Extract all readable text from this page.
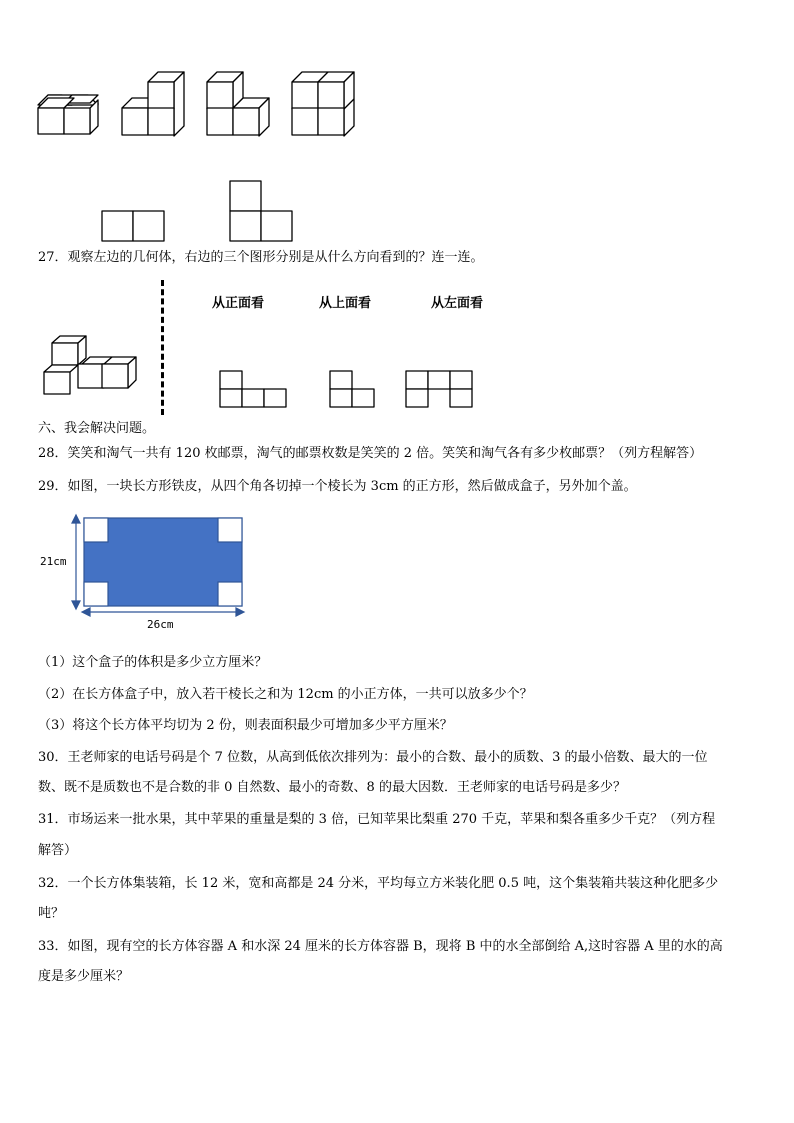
27．观察左边的几何体，右边的三个图形分别是从什么方向看到的？连一连。
从正面看	从上面看	从左面看
六、我会解决问题。
28．笑笑和淘气一共有 120 枚邮票，淘气的邮票枚数是笑笑的 2 倍。笑笑和淘气各有多少枚邮票？（列方程解答）
29．如图，一块长方形铁皮，从四个角各切掉一个棱长为 3cm 的正方形，然后做成盒子，另外加个盖。
21cm
26cm
（1）这个盒子的体积是多少立方厘米？
（2）在长方体盒子中，放入若干棱长之和为 12cm 的小正方体，一共可以放多少个？
（3）将这个长方体平均切为 2 份，则表面积最少可增加多少平方厘米？
30．王老师家的电话号码是个 7 位数，从高到低依次排列为：最小的合数、最小的质数、3 的最小倍数、最大的一位
数、既不是质数也不是合数的非 0 自然数、最小的奇数、8 的最大因数．王老师家的电话号码是多少？
31．市场运来一批水果，其中苹果的重量是梨的 3 倍，已知苹果比梨重 270 千克，苹果和梨各重多少千克？（列方程
解答）
32．一个长方体集装箱，长 12 米，宽和高都是 24 分米，平均每立方米装化肥 0.5 吨，这个集装箱共装这种化肥多少
吨？
33．如图，现有空的长方体容器 A 和水深 24 厘米的长方体容器 B，现将 B 中的水全部倒给 A,这时容器 A 里的水的高
度是多少厘米？
